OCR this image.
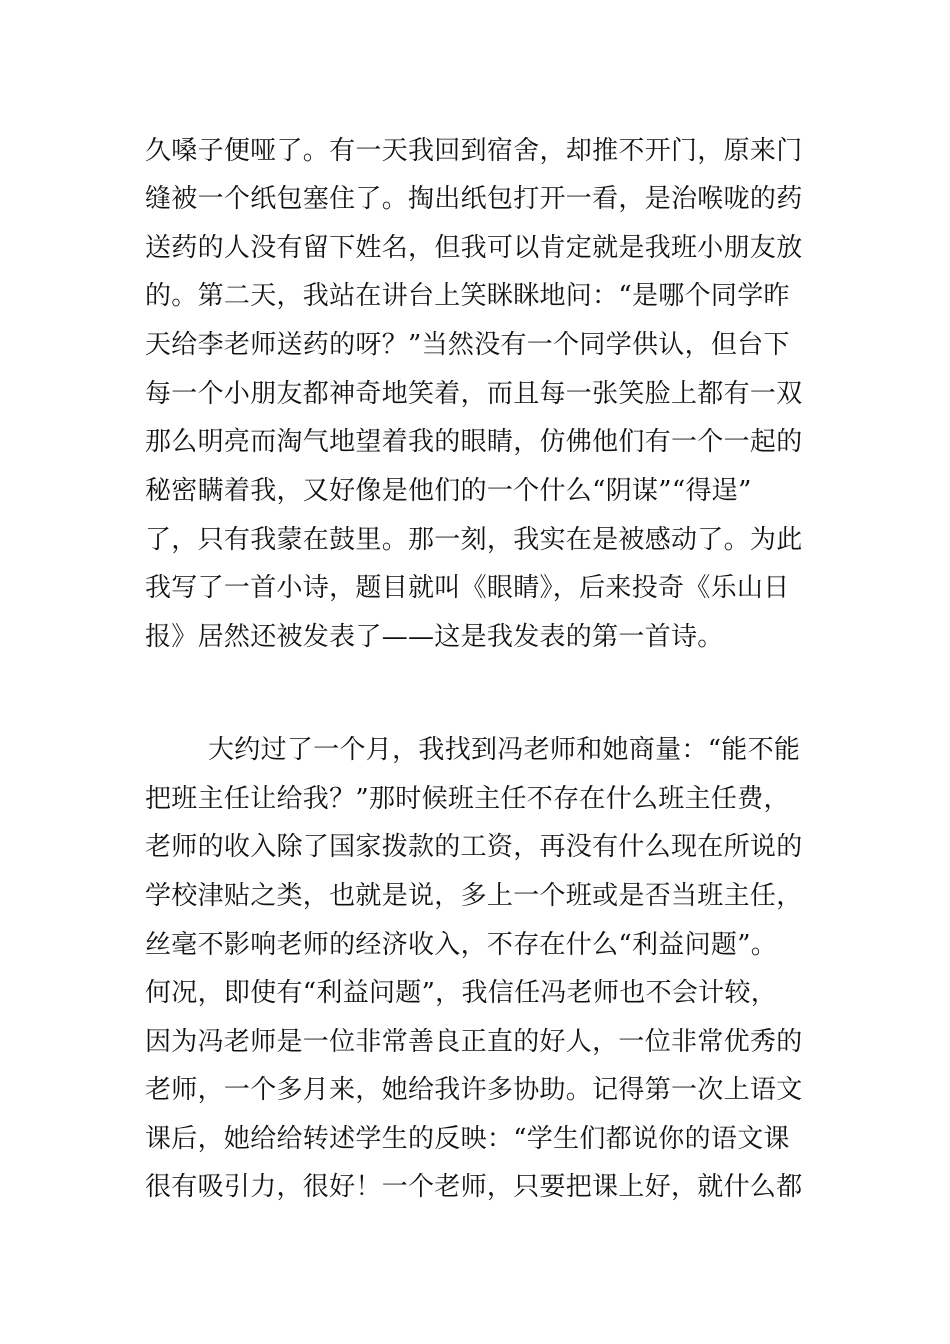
久嗓子便哑了。有一天我回到宿舍，却推不开门，原来门
缝被一个纸包塞住了。掏出纸包打开一看，是治喉咙的药
送药的人没有留下姓名，但我可以肯定就是我班小朋友放
的。第二天，我站在讲台上笑眯眯地问：“是哪个同学昨
天给李老师送药的呀？”当然没有一个同学供认，但台下
每一个小朋友都神奇地笑着，而且每一张笑脸上都有一双
那么明亮而淘气地望着我的眼睛，仿佛他们有一个一起的
秘密瞒着我，又好像是他们的一个什么“阴谋”“得逞”
了，只有我蒙在鼓里。那一刻，我实在是被感动了。为此
我写了一首小诗，题目就叫《眼睛》，后来投奇《乐山日
报》居然还被发表了——这是我发表的第一首诗。
大约过了一个月，我找到冯老师和她商量：“能不能
把班主任让给我？”那时候班主任不存在什么班主任费，
老师的收入除了国家拨款的工资，再没有什么现在所说的
学校津贴之类，也就是说，多上一个班或是否当班主任，
丝毫不影响老师的经济收入，不存在什么“利益问题”。
何况，即使有“利益问题”，我信任冯老师也不会计较，
因为冯老师是一位非常善良正直的好人，一位非常优秀的
老师，一个多月来，她给我许多协助。记得第一次上语文
课后，她给给转述学生的反映：“学生们都说你的语文课
很有吸引力，很好！一个老师，只要把课上好，就什么都
